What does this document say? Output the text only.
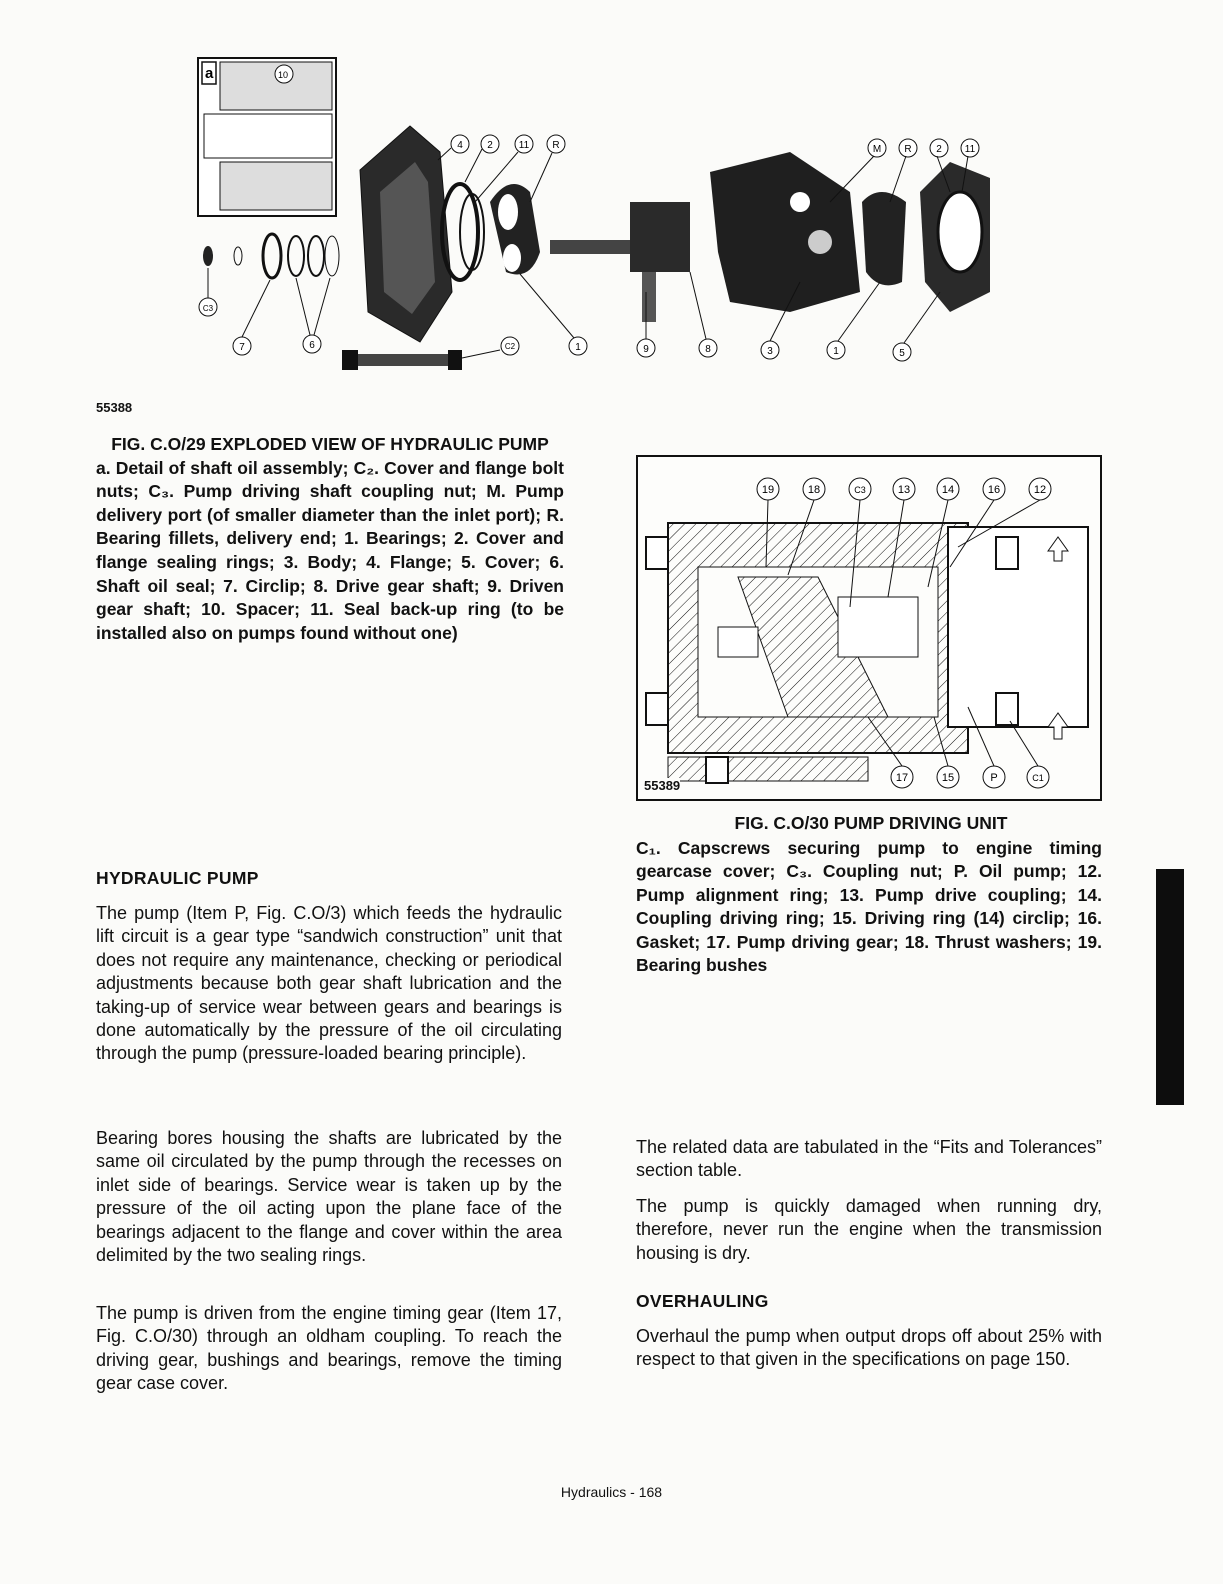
a	10
4 2	11 R	M R 2 11
C3
7	6	C2	1	9	8	3	1	5
55388
FIG. C.O/29 EXPLODED VIEW OF HYDRAULIC PUMP
a. Detail of shaft oil assembly; C₂. Cover and flange bolt nuts; C₃. Pump driving shaft coupling nut; M. Pump delivery port (of smaller diameter than the inlet port); R. Bearing fillets, delivery end; 1. Bearings; 2. Cover and flange sealing rings; 3. Body; 4. Flange; 5. Cover; 6. Shaft oil seal; 7. Circlip; 8. Drive gear shaft; 9. Driven gear shaft; 10. Spacer; 11. Seal back-up ring (to be installed also on pumps found without one)
19	18	C3	13	14	16	12
17	15	P	C1
55389
FIG. C.O/30 PUMP DRIVING UNIT
C₁. Capscrews securing pump to engine timing gearcase cover; C₃. Coupling nut; P. Oil pump; 12. Pump alignment ring; 13. Pump drive coupling; 14. Coupling driving ring; 15. Driving ring (14) circlip; 16. Gasket; 17. Pump driving gear; 18. Thrust washers; 19. Bearing bushes
HYDRAULIC PUMP
The pump (Item P, Fig. C.O/3) which feeds the hydraulic lift circuit is a gear type “sandwich construction” unit that does not require any maintenance, checking or periodical adjustments because both gear shaft lubrication and the taking-up of service wear between gears and bearings is done automatically by the pressure of the oil circulating through the pump (pressure-loaded bearing principle).
Bearing bores housing the shafts are lubricated by the same oil circulated by the pump through the recesses on inlet side of bearings. Service wear is taken up by the pressure of the oil acting upon the plane face of the bearings adjacent to the flange and cover within the area delimited by the two sealing rings.
The pump is driven from the engine timing gear (Item 17, Fig. C.O/30) through an oldham coupling. To reach the driving gear, bushings and bearings, remove the timing gear case cover.
The related data are tabulated in the “Fits and Tolerances” section table.
The pump is quickly damaged when running dry, therefore, never run the engine when the transmission housing is dry.
OVERHAULING
Overhaul the pump when output drops off about 25% with respect to that given in the specifications on page 150.
Hydraulics - 168
